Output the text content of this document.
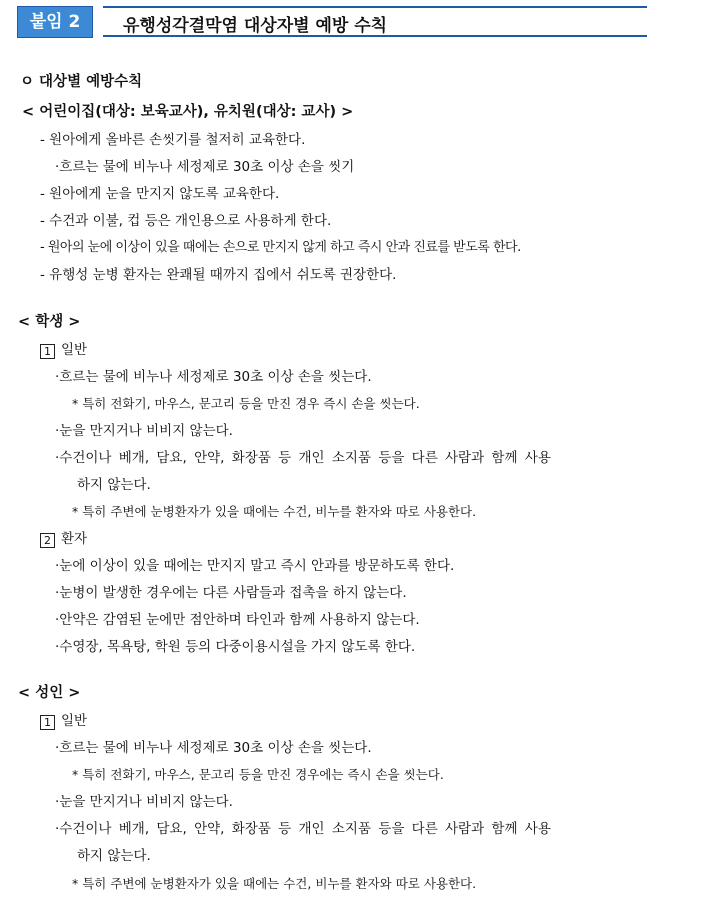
붙임 2	유행성각결막염 대상자별 예방 수칙
ㅇ 대상별 예방수칙
< 어린이집(대상: 보육교사), 유치원(대상: 교사) >
- 원아에게 올바른 손씻기를 철저히 교육한다.
·흐르는 물에 비누나 세정제로 30초 이상 손을 씻기
- 원아에게 눈을 만지지 않도록 교육한다.
- 수건과 이불, 컵 등은 개인용으로 사용하게 한다.
- 원아의 눈에 이상이 있을 때에는 손으로 만지지 않게 하고 즉시 안과 진료를 받도록 한다.
- 유행성 눈병 환자는 완쾌될 때까지 집에서 쉬도록 권장한다.
< 학생 >
1 일반
·흐르는 물에 비누나 세정제로 30초 이상 손을 씻는다.
* 특히 전화기, 마우스, 문고리 등을 만진 경우 즉시 손을 씻는다.
·눈을 만지거나 비비지 않는다.
·수건이나 베개, 담요, 안약, 화장품 등 개인 소지품 등을 다른 사람과 함께 사용
하지 않는다.
* 특히 주변에 눈병환자가 있을 때에는 수건, 비누를 환자와 따로 사용한다.
2 환자
·눈에 이상이 있을 때에는 만지지 말고 즉시 안과를 방문하도록 한다.
·눈병이 발생한 경우에는 다른 사람들과 접촉을 하지 않는다.
·안약은 감염된 눈에만 점안하며 타인과 함께 사용하지 않는다.
·수영장, 목욕탕, 학원 등의 다중이용시설을 가지 않도록 한다.
< 성인 >
1 일반
·흐르는 물에 비누나 세정제로 30초 이상 손을 씻는다.
* 특히 전화기, 마우스, 문고리 등을 만진 경우에는 즉시 손을 씻는다.
·눈을 만지거나 비비지 않는다.
·수건이나 베개, 담요, 안약, 화장품 등 개인 소지품 등을 다른 사람과 함께 사용
하지 않는다.
* 특히 주변에 눈병환자가 있을 때에는 수건, 비누를 환자와 따로 사용한다.
